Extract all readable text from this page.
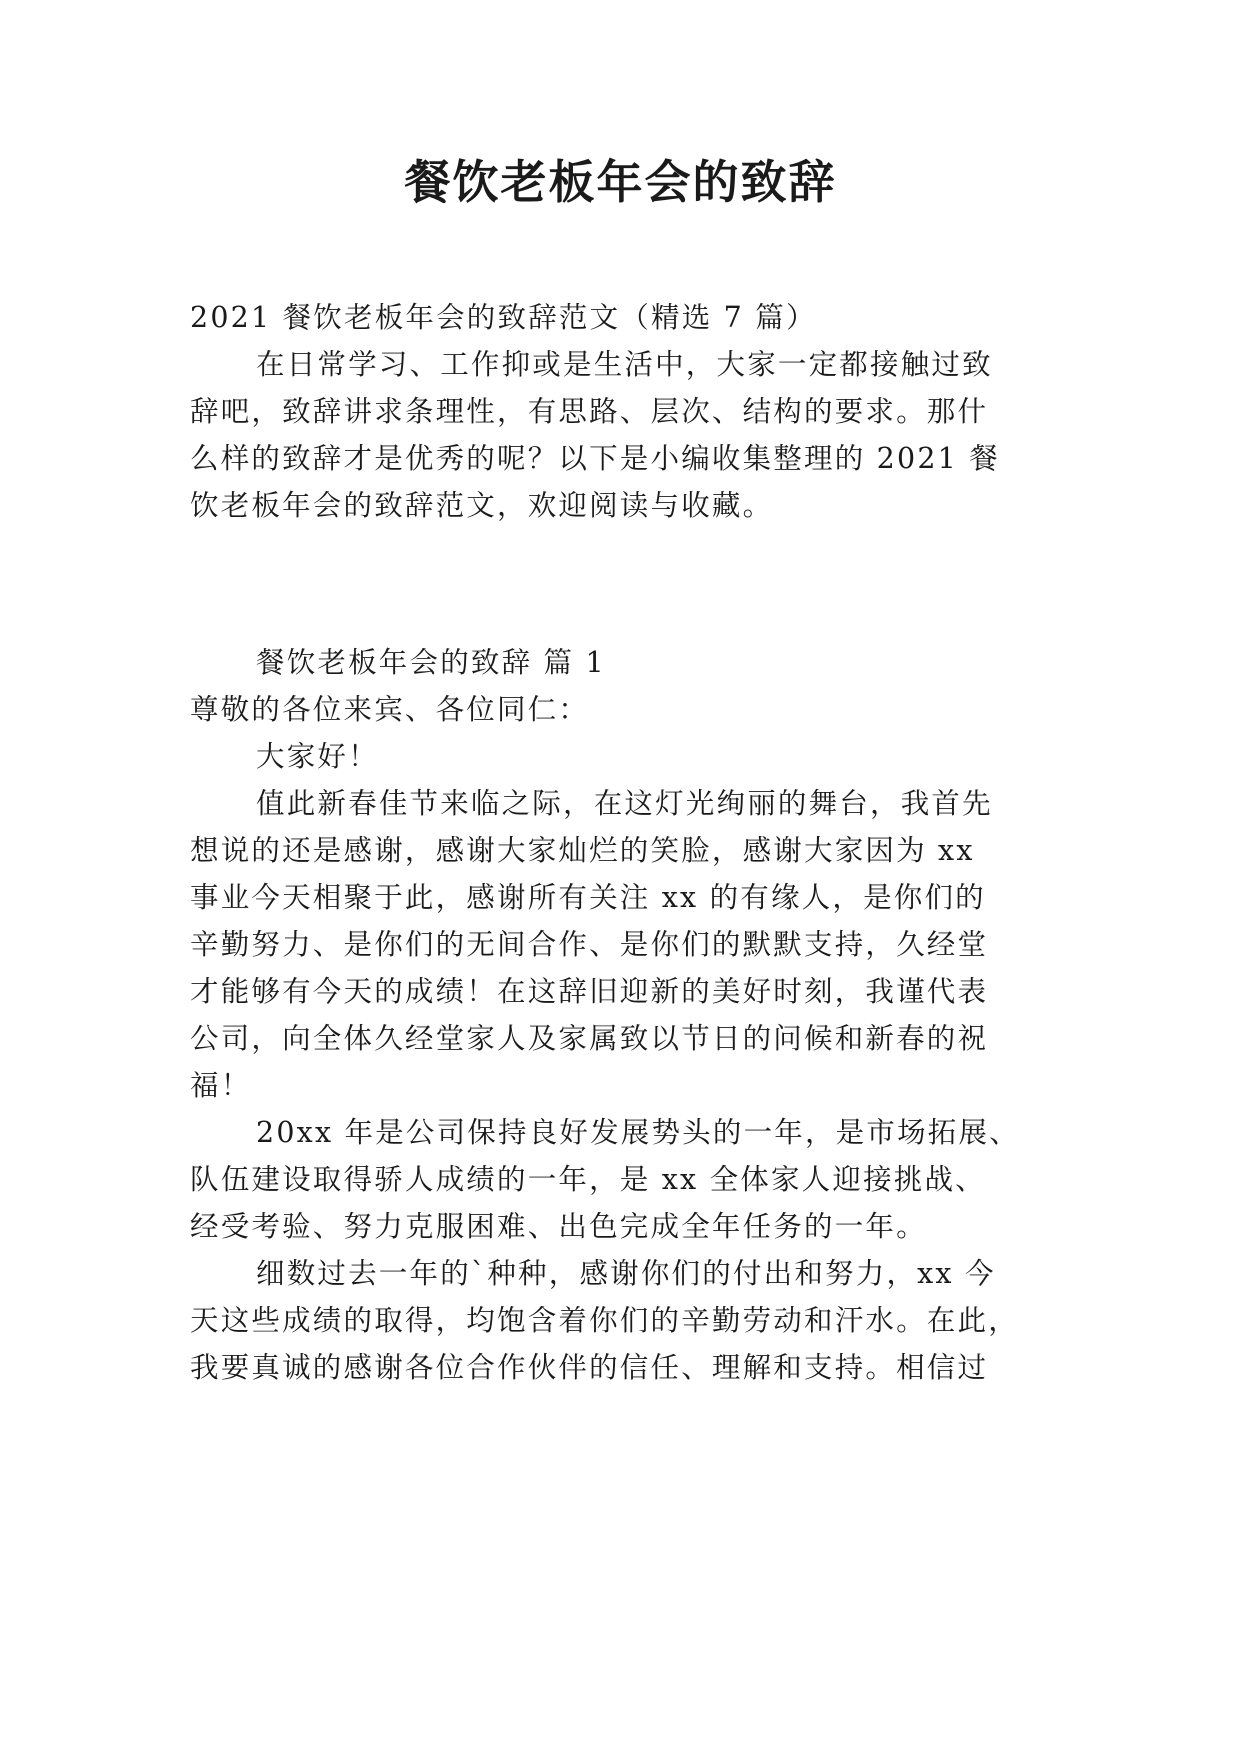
餐饮老板年会的致辞
2021 餐饮老板年会的致辞范文（精选 7 篇）
在日常学习、工作抑或是生活中，大家一定都接触过致
辞吧，致辞讲求条理性，有思路、层次、结构的要求。那什
么样的致辞才是优秀的呢？以下是小编收集整理的 2021 餐
饮老板年会的致辞范文，欢迎阅读与收藏。
餐饮老板年会的致辞 篇 1
尊敬的各位来宾、各位同仁：
大家好！
值此新春佳节来临之际，在这灯光绚丽的舞台，我首先
想说的还是感谢，感谢大家灿烂的笑脸，感谢大家因为 xx
事业今天相聚于此，感谢所有关注 xx 的有缘人，是你们的
辛勤努力、是你们的无间合作、是你们的默默支持，久经堂
才能够有今天的成绩！在这辞旧迎新的美好时刻，我谨代表
公司，向全体久经堂家人及家属致以节日的问候和新春的祝
福！
20xx 年是公司保持良好发展势头的一年，是市场拓展、
队伍建设取得骄人成绩的一年，是 xx 全体家人迎接挑战、
经受考验、努力克服困难、出色完成全年任务的一年。
细数过去一年的`种种，感谢你们的付出和努力，xx 今
天这些成绩的取得，均饱含着你们的辛勤劳动和汗水。在此，
我要真诚的感谢各位合作伙伴的信任、理解和支持。相信过
